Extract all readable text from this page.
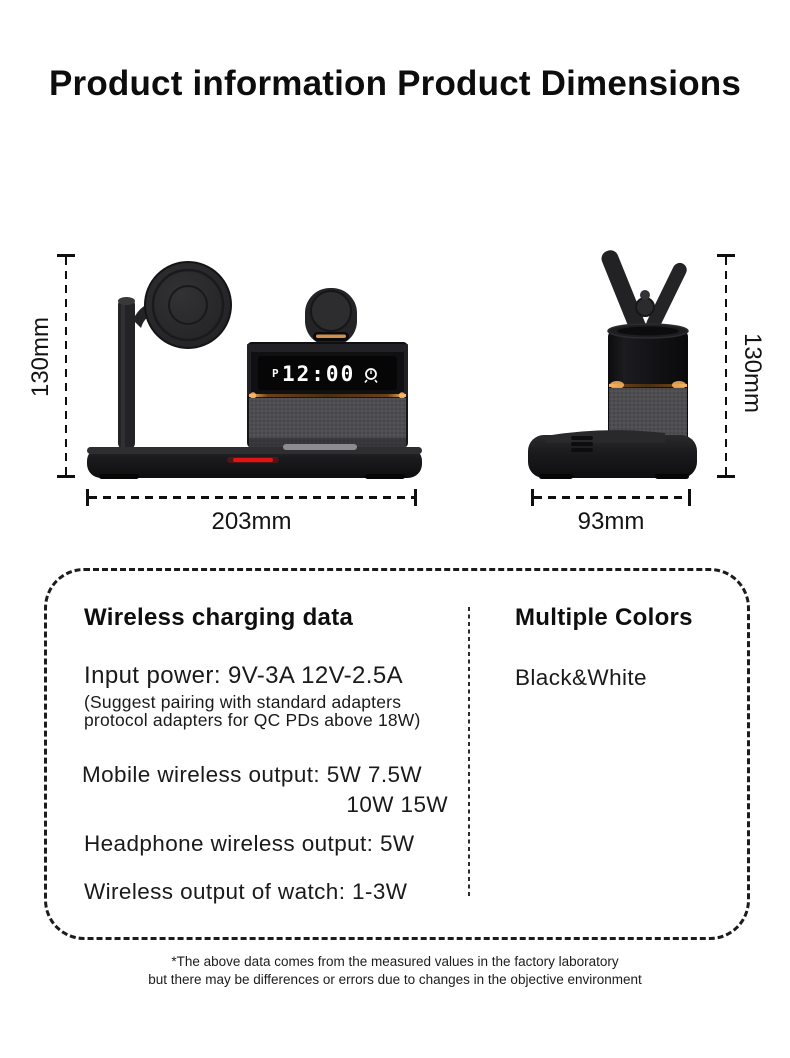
Product information Product Dimensions
P 12:00
130mm	130mm
203mm	93mm
Wireless charging data
Input power: 9V-3A 12V-2.5A
(Suggest pairing with standard adapters
protocol adapters for QC PDs above 18W)
Mobile wireless output: 5W 7.5W
10W 15W
Headphone wireless output: 5W
Wireless output of watch: 1-3W
Multiple Colors
Black&White
*The above data comes from the measured values in the factory laboratory
but there may be differences or errors due to changes in the objective environment
